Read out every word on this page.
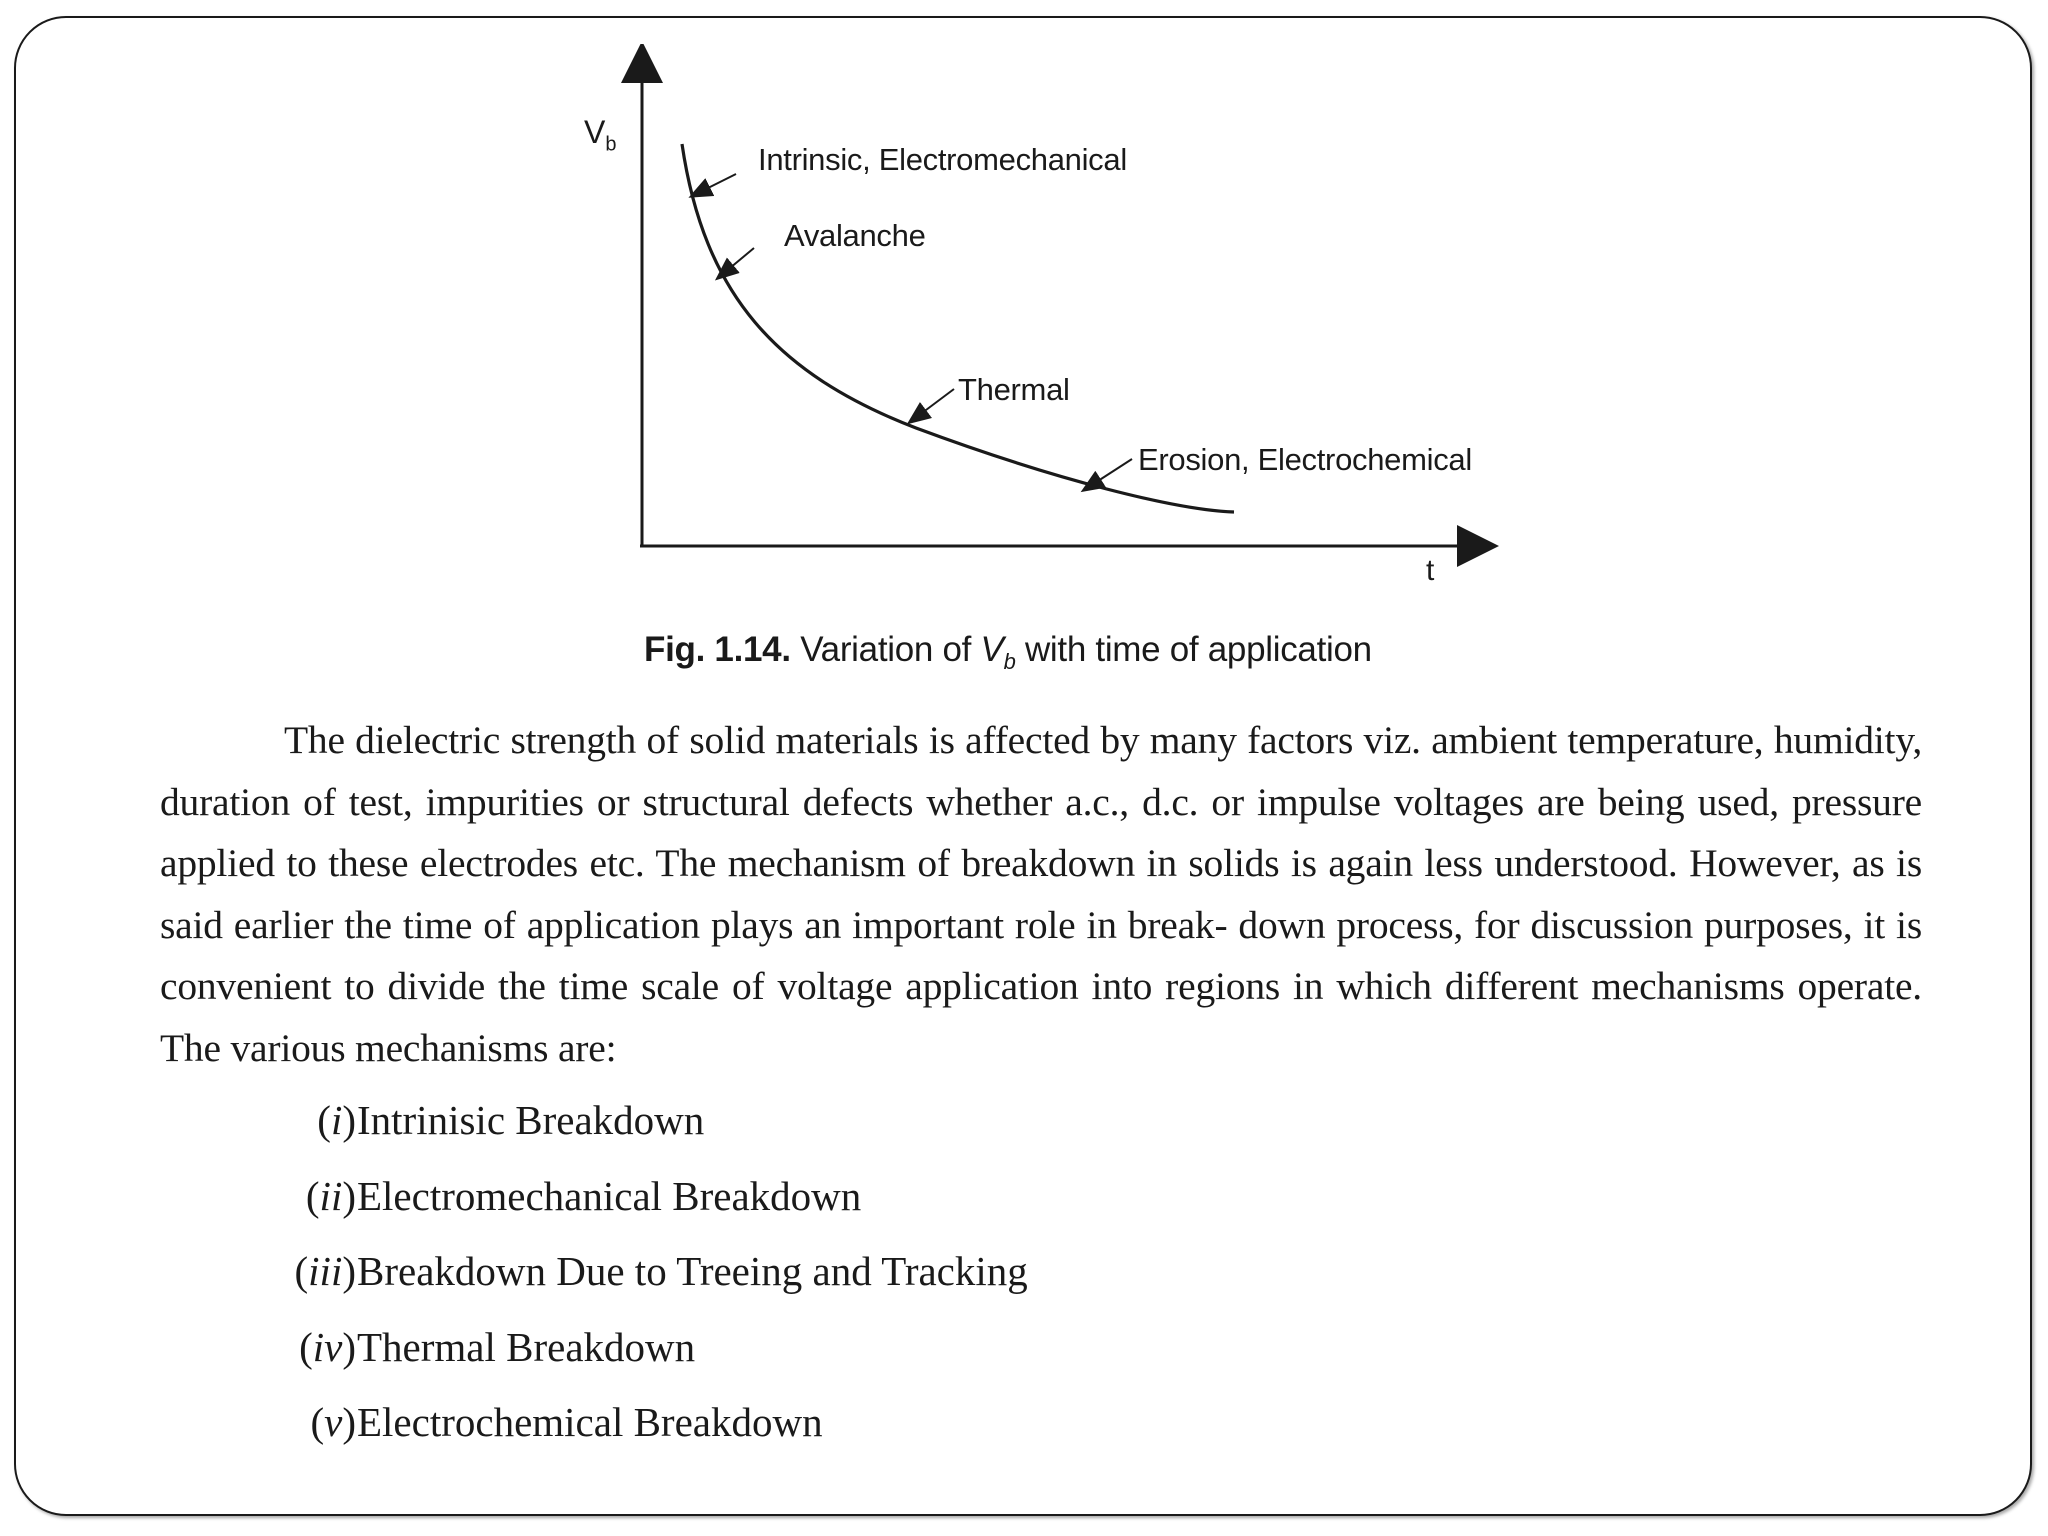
$V_b$
t
Intrinsic, Electromechanical
Avalanche
Thermal
Erosion, Electrochemical
Fig. 1.14. Variation of $V_b$ with time of application

The dielectric strength of solid materials is affected by many factors viz. ambient temperature, humidity, duration of test, impurities or structural defects whether a.c., d.c. or impulse voltages are being used, pressure applied to these electrodes etc. The mechanism of breakdown in solids is again less understood. However, as is said earlier the time of application plays an important role in break- down process, for discussion purposes, it is convenient to divide the time scale of voltage application into regions in which different mechanisms operate. The various mechanisms are:

(i) Intrinisic Breakdown
(ii) Electromechanical Breakdown
(iii) Breakdown Due to Treeing and Tracking
(iv) Thermal Breakdown
(v) Electrochemical Breakdown
